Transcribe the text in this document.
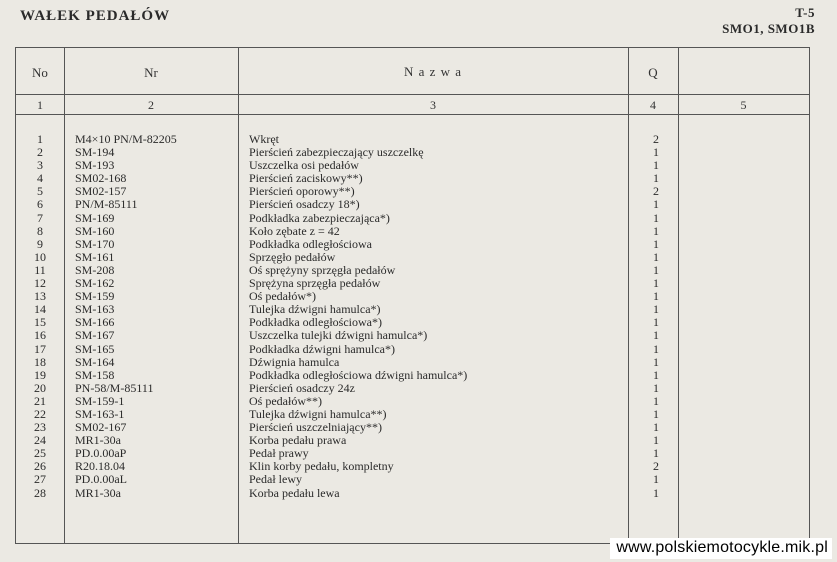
WAŁEK PEDAŁÓW	T-5
SMO1, SMO1B
No	Nr	N a z w a	Q
1	2	3	4	5
1	M4×10 PN/M-82205	Wkręt	2
2	SM-194	Pierścień zabezpieczający uszczelkę	1
3	SM-193	Uszczelka osi pedałów	1
4	SM02-168	Pierścień zaciskowy**)	1
5	SM02-157	Pierścień oporowy**)	2
6	PN/M-85111	Pierścień osadczy 18*)	1
7	SM-169	Podkładka zabezpieczająca*)	1
8	SM-160	Koło zębate z = 42	1
9	SM-170	Podkładka odległościowa	1
10	SM-161	Sprzęgło pedałów	1
11	SM-208	Oś sprężyny sprzęgła pedałów	1
12	SM-162	Sprężyna sprzęgła pedałów	1
13	SM-159	Oś pedałów*)	1
14	SM-163	Tulejka dźwigni hamulca*)	1
15	SM-166	Podkładka odległościowa*)	1
16	SM-167	Uszczelka tulejki dźwigni hamulca*)	1
17	SM-165	Podkładka dźwigni hamulca*)	1
18	SM-164	Dźwignia hamulca	1
19	SM-158	Podkładka odległościowa dźwigni hamulca*)	1
20	PN-58/M-85111	Pierścień osadczy 24z	1
21	SM-159-1	Oś pedałów**)	1
22	SM-163-1	Tulejka dźwigni hamulca**)	1
23	SM02-167	Pierścień uszczelniający**)	1
24	MR1-30a	Korba pedału prawa	1
25	PD.0.00aP	Pedał prawy	1
26	R20.18.04	Klin korby pedału, kompletny	2
27	PD.0.00aL	Pedał lewy	1
28	MR1-30a	Korba pedału lewa	1
www.polskiemotocykle.mik.pl
